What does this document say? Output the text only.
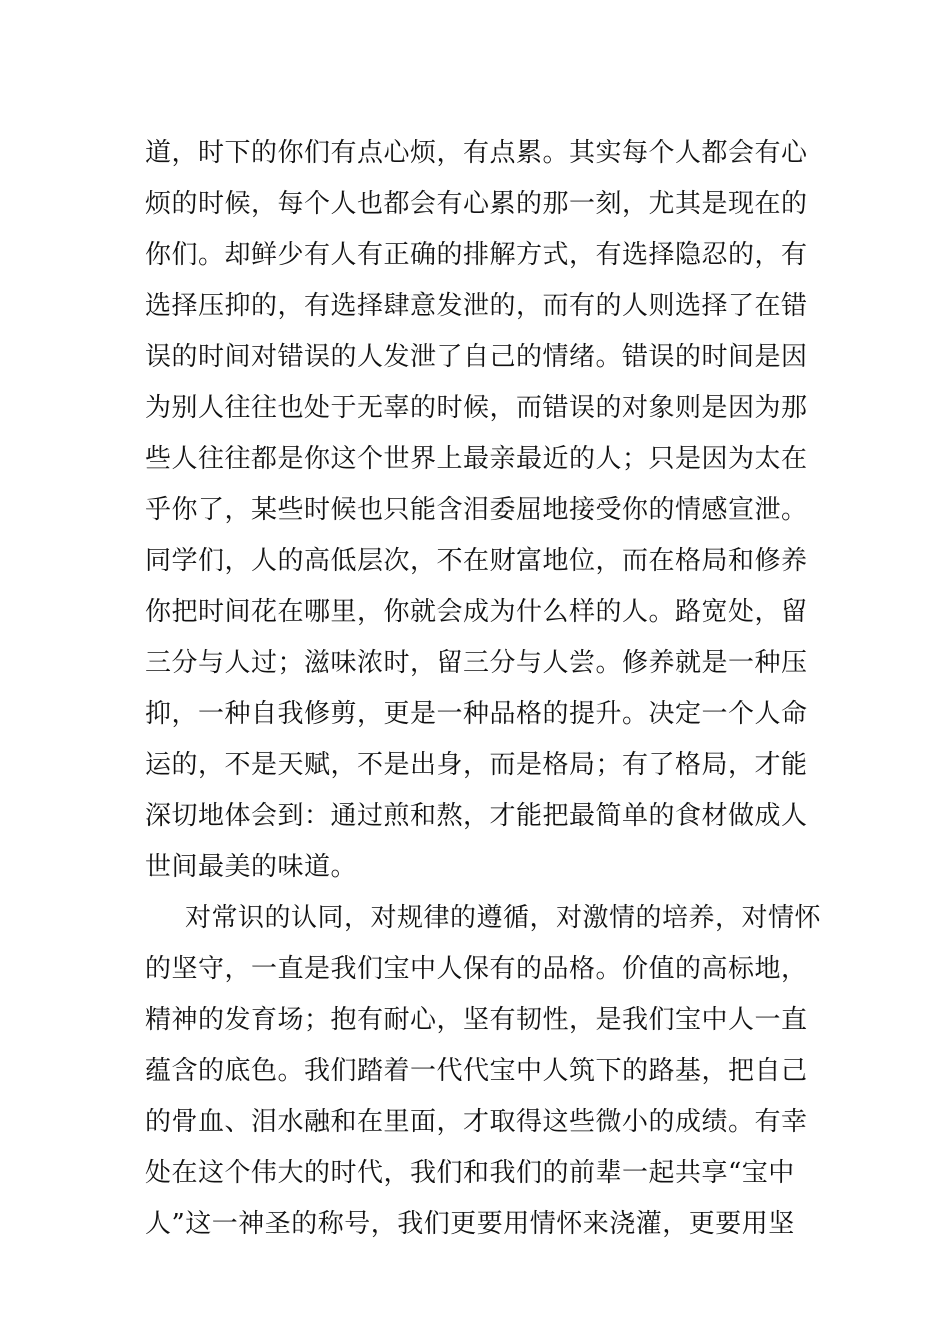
道，时下的你们有点心烦，有点累。其实每个人都会有心
烦的时候，每个人也都会有心累的那一刻，尤其是现在的
你们。却鲜少有人有正确的排解方式，有选择隐忍的，有
选择压抑的，有选择肆意发泄的，而有的人则选择了在错
误的时间对错误的人发泄了自己的情绪。错误的时间是因
为别人往往也处于无辜的时候，而错误的对象则是因为那
些人往往都是你这个世界上最亲最近的人；只是因为太在
乎你了，某些时候也只能含泪委屈地接受你的情感宣泄。
同学们，人的高低层次，不在财富地位，而在格局和修养
你把时间花在哪里，你就会成为什么样的人。路宽处，留
三分与人过；滋味浓时，留三分与人尝。修养就是一种压
抑，一种自我修剪，更是一种品格的提升。决定一个人命
运的，不是天赋，不是出身，而是格局；有了格局，才能
深切地体会到：通过煎和熬，才能把最简单的食材做成人
世间最美的味道。
对常识的认同，对规律的遵循，对激情的培养，对情怀
的坚守，一直是我们宝中人保有的品格。价值的高标地，
精神的发育场；抱有耐心，坚有韧性，是我们宝中人一直
蕴含的底色。我们踏着一代代宝中人筑下的路基，把自己
的骨血、泪水融和在里面，才取得这些微小的成绩。有幸
处在这个伟大的时代，我们和我们的前辈一起共享“宝中
人”这一神圣的称号，我们更要用情怀来浇灌，更要用坚
